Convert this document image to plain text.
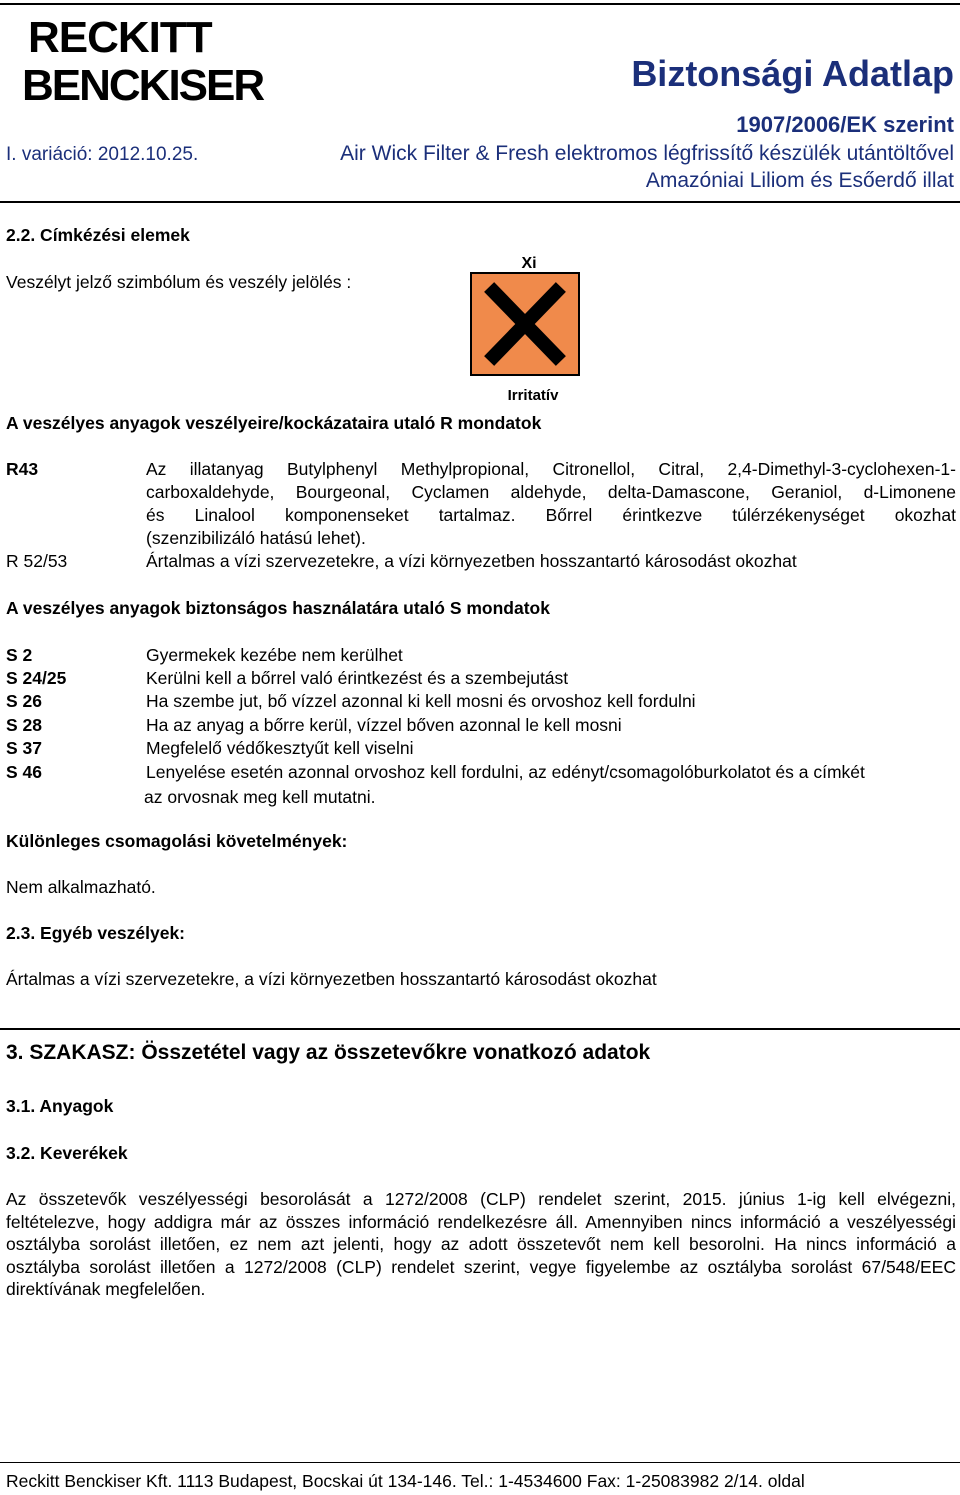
RECKITT
BENCKISER	Biztonsági Adatlap
1907/2006/EK szerint
I. variáció: 2012.10.25.	Air Wick Filter & Fresh elektromos légfrissítő készülék utántöltővel
Amazóniai Liliom és Esőerdő illat
2.2. Címkézési elemek
Veszélyt jelző szimbólum és veszély jelölés :
Xi
Irritatív
A veszélyes anyagok veszélyeire/kockázataira utaló R mondatok
R43	Az illatanyag Butylphenyl Methylpropional, Citronellol, Citral, 2,4-Dimethyl-3-cyclohexen-1-
carboxaldehyde, Bourgeonal, Cyclamen aldehyde, delta-Damascone, Geraniol, d-Limonene
és Linalool komponenseket tartalmaz. Bőrrel érintkezve túlérzékenységet okozhat
(szenzibilizáló hatású lehet).
R 52/53	Ártalmas a vízi szervezetekre, a vízi környezetben hosszantartó károsodást okozhat
A veszélyes anyagok biztonságos használatára utaló S mondatok
S 2	Gyermekek kezébe nem kerülhet
S 24/25	Kerülni kell a bőrrel való érintkezést és a szembejutást
S 26	Ha szembe jut, bő vízzel azonnal ki kell mosni és orvoshoz kell fordulni
S 28	Ha az anyag a bőrre kerül, vízzel bőven azonnal le kell mosni
S 37	Megfelelő védőkesztyűt kell viselni
S 46	Lenyelése esetén azonnal orvoshoz kell fordulni, az edényt/csomagolóburkolatot és a címkét
az orvosnak meg kell mutatni.
Különleges csomagolási követelmények:
Nem alkalmazható.
2.3. Egyéb veszélyek:
Ártalmas a vízi szervezetekre, a vízi környezetben hosszantartó károsodást okozhat
3. SZAKASZ: Összetétel vagy az összetevőkre vonatkozó adatok
3.1. Anyagok
3.2. Keverékek
Az összetevők veszélyességi besorolását a 1272/2008 (CLP) rendelet szerint, 2015. június 1-ig kell elvégezni, feltételezve, hogy addigra már az összes információ rendelkezésre áll. Amennyiben nincs információ a veszélyességi osztályba sorolást illetően, ez nem azt jelenti, hogy az adott összetevőt nem kell besorolni. Ha nincs információ a osztályba sorolást illetően a 1272/2008 (CLP) rendelet szerint, vegye figyelembe az osztályba sorolást 67/548/EEC direktívának megfelelően.
Reckitt Benckiser Kft. 1113 Budapest, Bocskai út 134-146. Tel.: 1-4534600 Fax: 1-25083982 2/14. oldal
